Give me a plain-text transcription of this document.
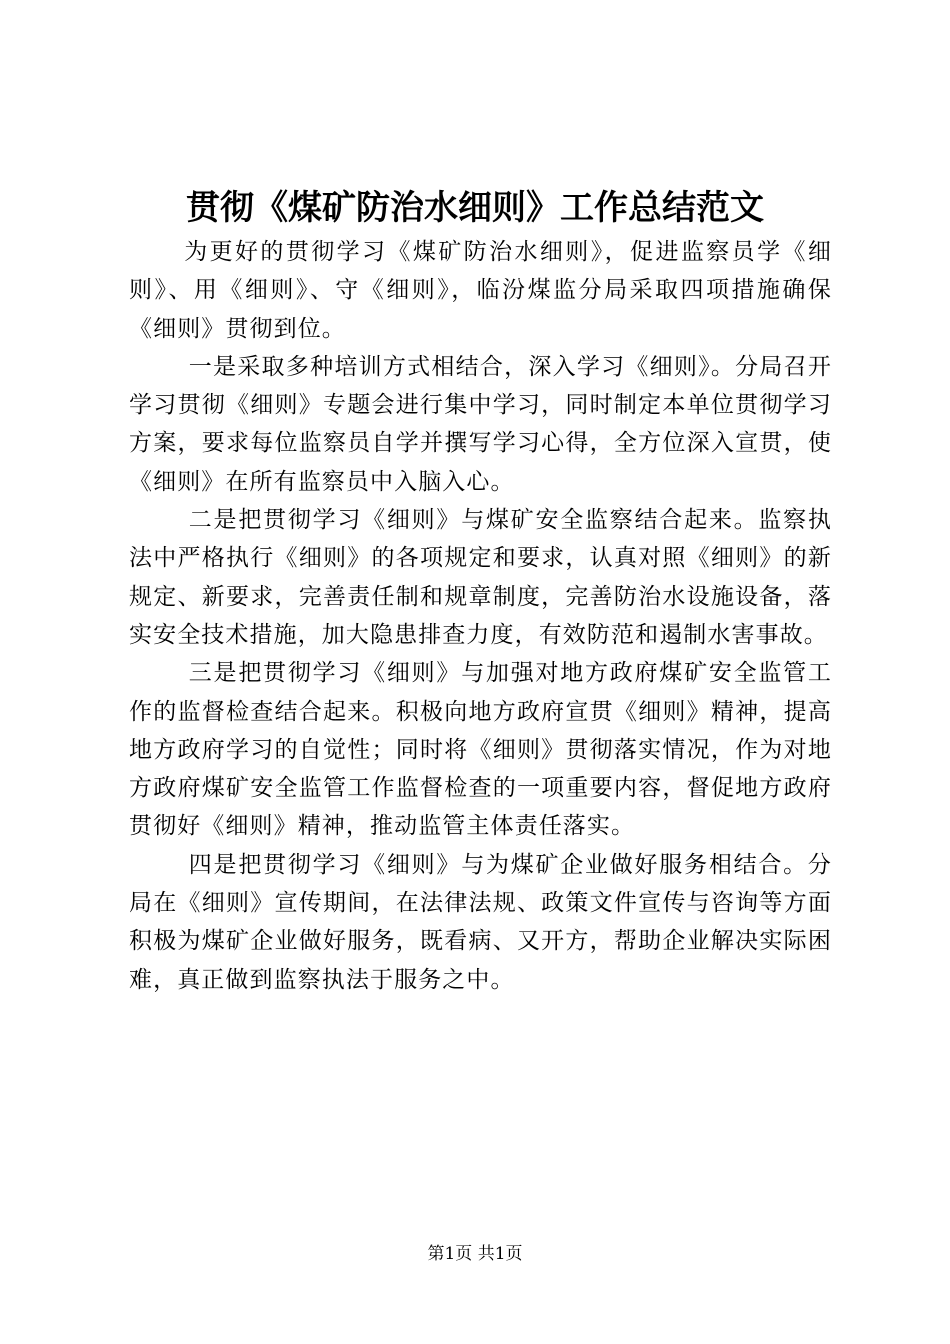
贯彻《煤矿防治水细则》工作总结范文

为更好的贯彻学习《煤矿防治水细则》，促进监察员学《细则》、用《细则》、守《细则》，临汾煤监分局采取四项措施确保《细则》贯彻到位。

一是采取多种培训方式相结合，深入学习《细则》。分局召开学习贯彻《细则》专题会进行集中学习，同时制定本单位贯彻学习方案，要求每位监察员自学并撰写学习心得，全方位深入宣贯，使《细则》在所有监察员中入脑入心。

二是把贯彻学习《细则》与煤矿安全监察结合起来。监察执法中严格执行《细则》的各项规定和要求，认真对照《细则》的新规定、新要求，完善责任制和规章制度，完善防治水设施设备，落实安全技术措施，加大隐患排查力度，有效防范和遏制水害事故。

三是把贯彻学习《细则》与加强对地方政府煤矿安全监管工作的监督检查结合起来。积极向地方政府宣贯《细则》精神，提高地方政府学习的自觉性；同时将《细则》贯彻落实情况，作为对地方政府煤矿安全监管工作监督检查的一项重要内容，督促地方政府贯彻好《细则》精神，推动监管主体责任落实。

四是把贯彻学习《细则》与为煤矿企业做好服务相结合。分局在《细则》宣传期间，在法律法规、政策文件宣传与咨询等方面积极为煤矿企业做好服务，既看病、又开方，帮助企业解决实际困难，真正做到监察执法于服务之中。

第1页 共1页
